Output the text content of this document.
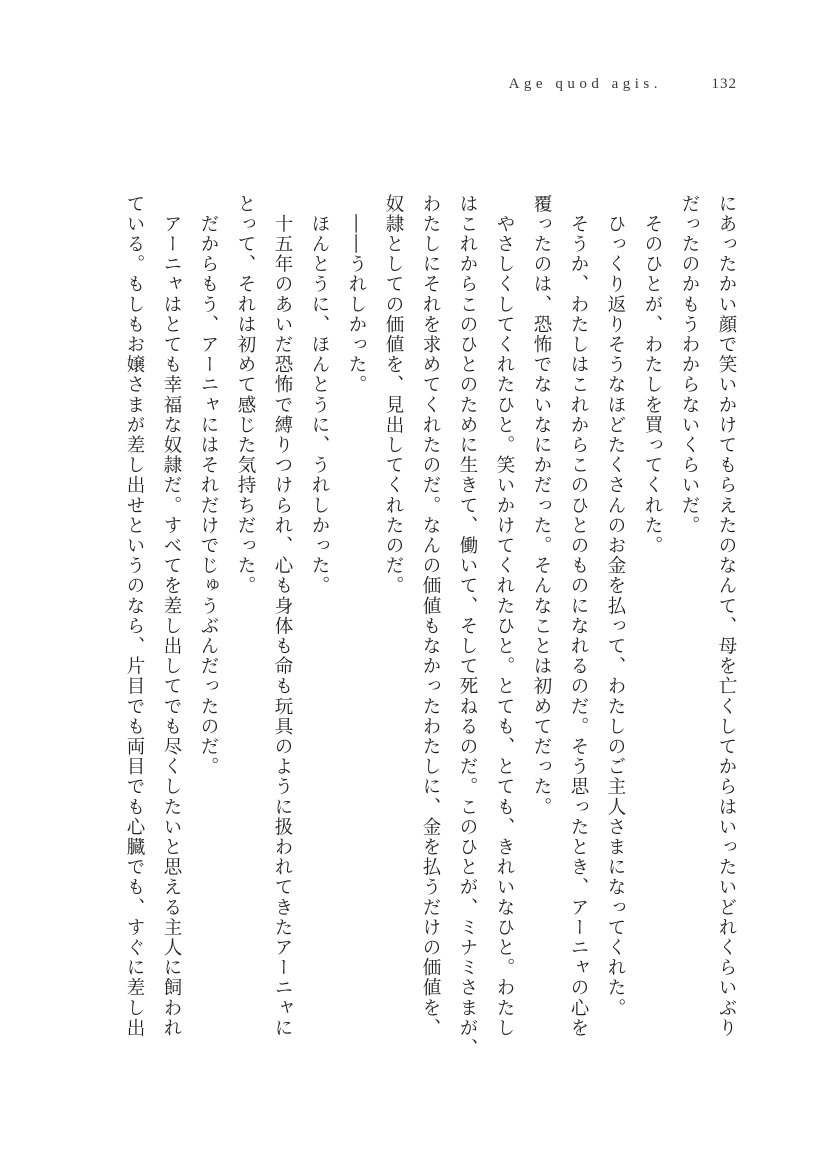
Age quod agis.	132
にあったかい顔で笑いかけてもらえたのなんて、母を亡くしてからはいったいどれくらいぶり
だったのかもうわからないくらいだ。
　そのひとが、わたしを買ってくれた。
　ひっくり返りそうなほどたくさんのお金を払って、わたしのご主人さまになってくれた。
　そうか、わたしはこれからこのひとのものになれるのだ。そう思ったとき、アーニャの心を
覆ったのは、恐怖でないなにかだった。そんなことは初めてだった。
　やさしくしてくれたひと。笑いかけてくれたひと。とても、とても、きれいなひと。わたし
はこれからこのひとのために生きて、働いて、そして死ねるのだ。このひとが、ミナミさまが、
わたしにそれを求めてくれたのだ。なんの価値もなかったわたしに、金を払うだけの価値を、
奴隷としての価値を、見出してくれたのだ。
　――うれしかった。
　ほんとうに、ほんとうに、うれしかった。
　十五年のあいだ恐怖で縛りつけられ、心も身体も命も玩具のように扱われてきたアーニャに
とって、それは初めて感じた気持ちだった。
　だからもう、アーニャにはそれだけでじゅうぶんだったのだ。
　アーニャはとても幸福な奴隷だ。すべてを差し出してでも尽くしたいと思える主人に飼われ
ている。もしもお嬢さまが差し出せというのなら、片目でも両目でも心臓でも、すぐに差し出
